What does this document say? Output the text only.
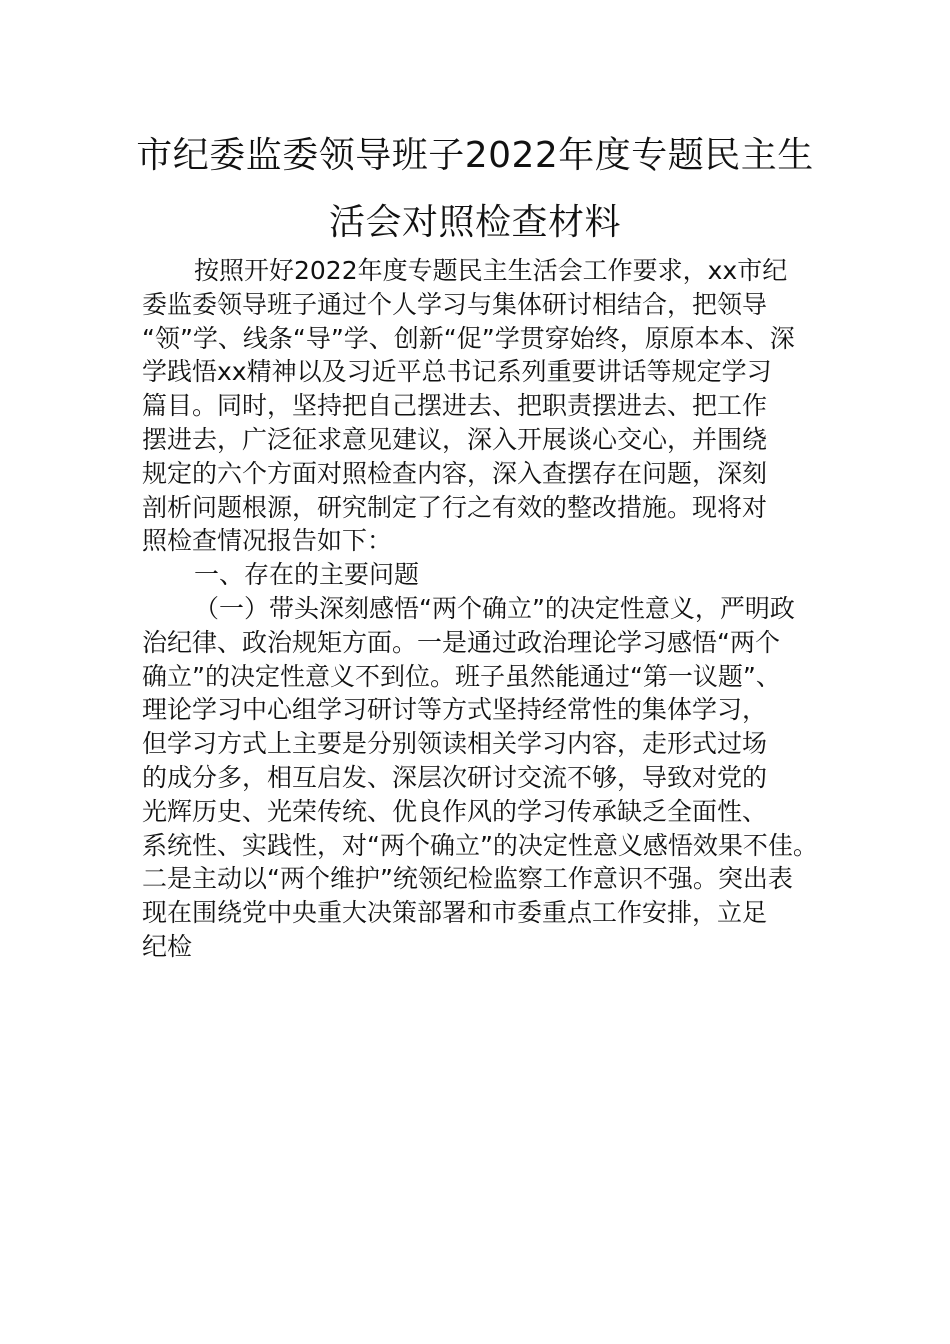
市纪委监委领导班子2022年度专题民主生
活会对照检查材料
按照开好2022年度专题民主生活会工作要求，xx市纪
委监委领导班子通过个人学习与集体研讨相结合，把领导
“领”学、线条“导”学、创新“促”学贯穿始终，原原本本、深
学践悟xx精神以及习近平总书记系列重要讲话等规定学习
篇目。同时，坚持把自己摆进去、把职责摆进去、把工作
摆进去，广泛征求意见建议，深入开展谈心交心，并围绕
规定的六个方面对照检查内容，深入查摆存在问题，深刻
剖析问题根源，研究制定了行之有效的整改措施。现将对
照检查情况报告如下：
一、存在的主要问题
（一）带头深刻感悟“两个确立”的决定性意义，严明政
治纪律、政治规矩方面。一是通过政治理论学习感悟“两个
确立”的决定性意义不到位。班子虽然能通过“第一议题”、
理论学习中心组学习研讨等方式坚持经常性的集体学习，
但学习方式上主要是分别领读相关学习内容，走形式过场
的成分多，相互启发、深层次研讨交流不够，导致对党的
光辉历史、光荣传统、优良作风的学习传承缺乏全面性、
系统性、实践性，对“两个确立”的决定性意义感悟效果不佳。
二是主动以“两个维护”统领纪检监察工作意识不强。突出表
现在围绕党中央重大决策部署和市委重点工作安排，立足
纪检
